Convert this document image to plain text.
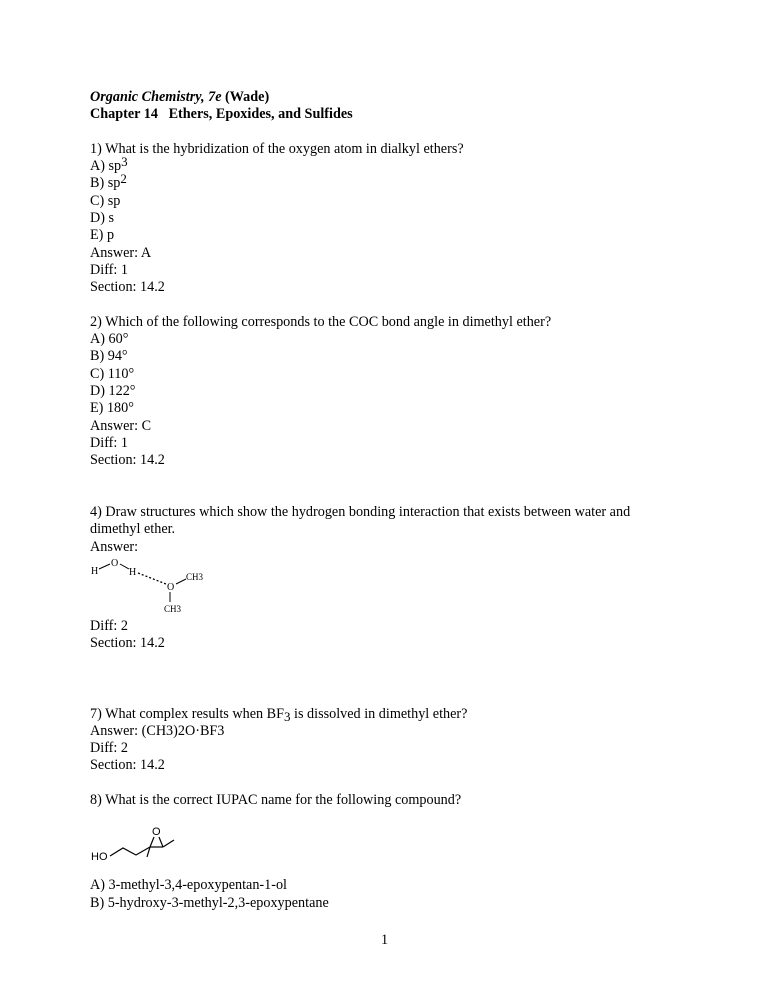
Organic Chemistry, 7e (Wade)
Chapter 14 Ethers, Epoxides, and Sulfides
1) What is the hybridization of the oxygen atom in dialkyl ethers?
A) $sp^3$
B) $sp^2$
C) sp
D) s
E) p
Answer: A
Diff: 1
Section: 14.2
2) Which of the following corresponds to the COC bond angle in dimethyl ether?
A) 60°
B) 94°
C) 110°
D) 122°
E) 180°
Answer: C
Diff: 1
Section: 14.2
4) Draw structures which show the hydrogen bonding interaction that exists between water and
dimethyl ether.
Answer:
H
O
H
O
CH3
CH3
Diff: 2
Section: 14.2
7) What complex results when BF3 is dissolved in dimethyl ether?
Answer: (CH3)2O·BF3
Diff: 2
Section: 14.2
8) What is the correct IUPAC name for the following compound?
HO
O
A) 3-methyl-3,4-epoxypentan-1-ol
B) 5-hydroxy-3-methyl-2,3-epoxypentane
1
